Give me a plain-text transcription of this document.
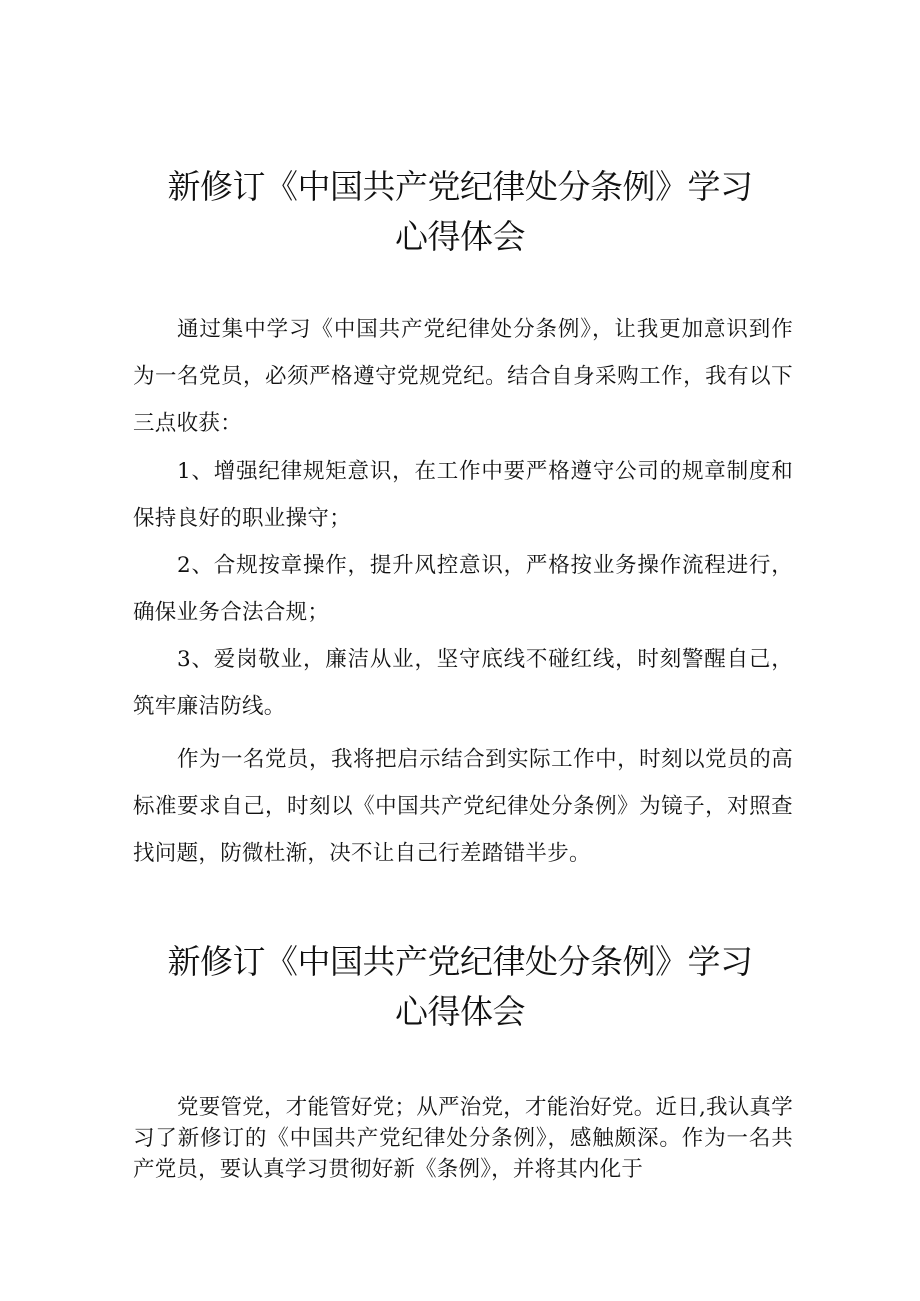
新修订《中国共产党纪律处分条例》学习
心得体会

通过集中学习《中国共产党纪律处分条例》，让我更加意识到作为一名党员，必须严格遵守党规党纪。结合自身采购工作，我有以下三点收获：

1、增强纪律规矩意识，在工作中要严格遵守公司的规章制度和保持良好的职业操守；

2、合规按章操作，提升风控意识，严格按业务操作流程进行，确保业务合法合规；

3、爱岗敬业，廉洁从业，坚守底线不碰红线，时刻警醒自己，筑牢廉洁防线。

作为一名党员，我将把启示结合到实际工作中，时刻以党员的高标准要求自己，时刻以《中国共产党纪律处分条例》为镜子，对照查找问题，防微杜渐，决不让自己行差踏错半步。

新修订《中国共产党纪律处分条例》学习
心得体会

党要管党，才能管好党；从严治党，才能治好党。近日,我认真学习了新修订的《中国共产党纪律处分条例》，感触颇深。作为一名共产党员，要认真学习贯彻好新《条例》，并将其内化于
